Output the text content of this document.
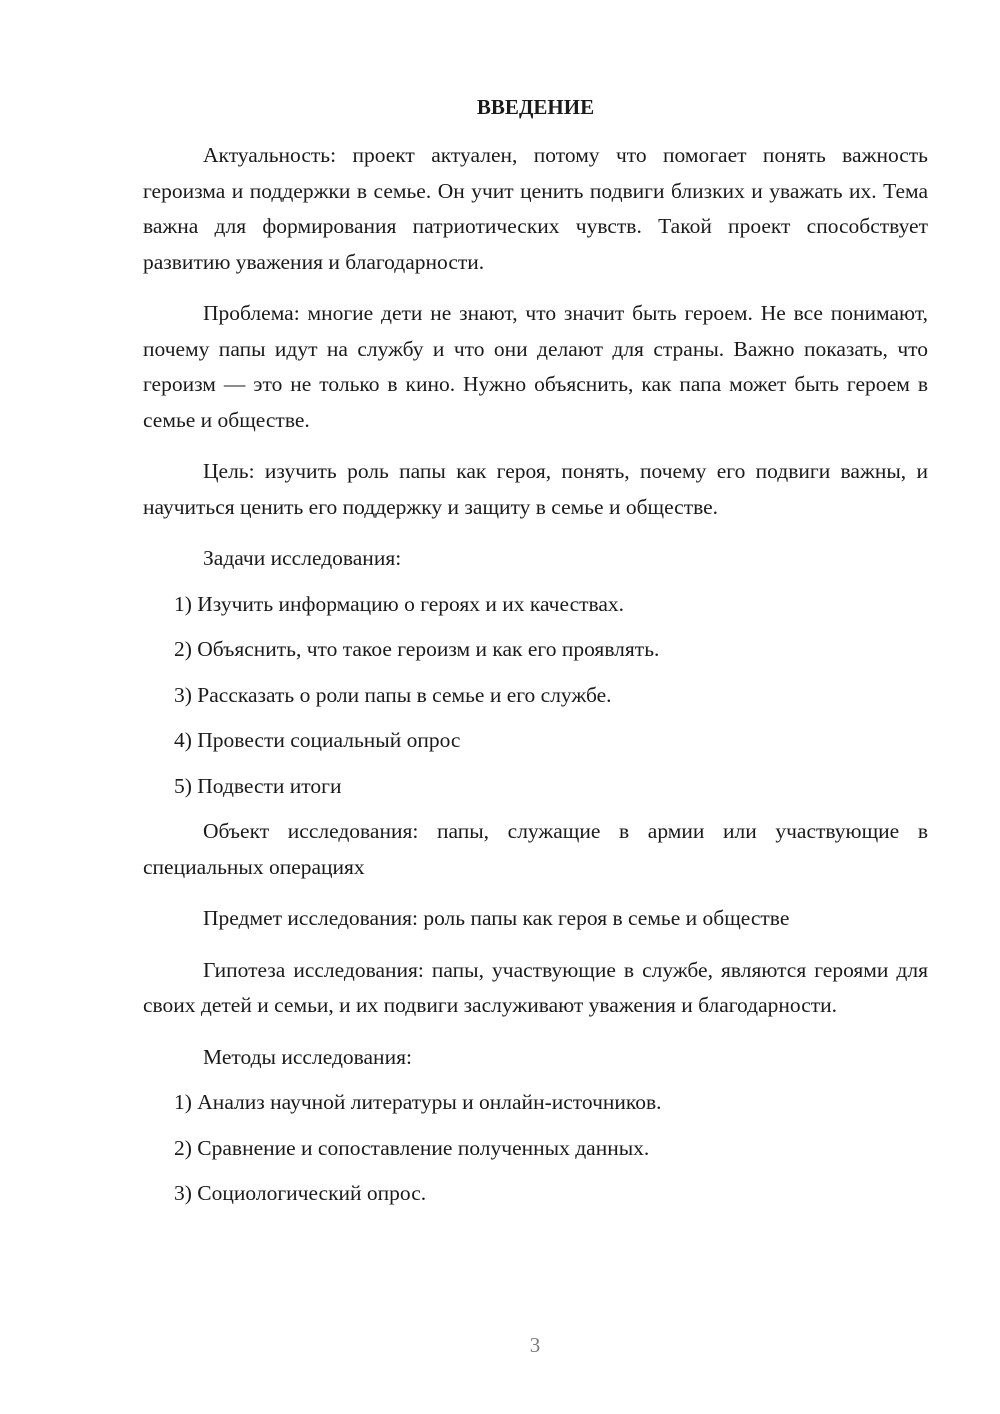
ВВЕДЕНИЕ

Актуальность: проект актуален, потому что помогает понять важность героизма и поддержки в семье. Он учит ценить подвиги близких и уважать их. Тема важна для формирования патриотических чувств. Такой проект способствует развитию уважения и благодарности.

Проблема: многие дети не знают, что значит быть героем. Не все понимают, почему папы идут на службу и что они делают для страны. Важно показать, что героизм — это не только в кино. Нужно объяснить, как папа может быть героем в семье и обществе.

Цель: изучить роль папы как героя, понять, почему его подвиги важны, и научиться ценить его поддержку и защиту в семье и обществе.

Задачи исследования:
1) Изучить информацию о героях и их качествах.
2) Объяснить, что такое героизм и как его проявлять.
3) Рассказать о роли папы в семье и его службе.
4) Провести социальный опрос
5) Подвести итоги

Объект исследования: папы, служащие в армии или участвующие в специальных операциях

Предмет исследования: роль папы как героя в семье и обществе

Гипотеза исследования: папы, участвующие в службе, являются героями для своих детей и семьи, и их подвиги заслуживают уважения и благодарности.

Методы исследования:
1) Анализ научной литературы и онлайн-источников.
2) Сравнение и сопоставление полученных данных.
3) Социологический опрос.
3
